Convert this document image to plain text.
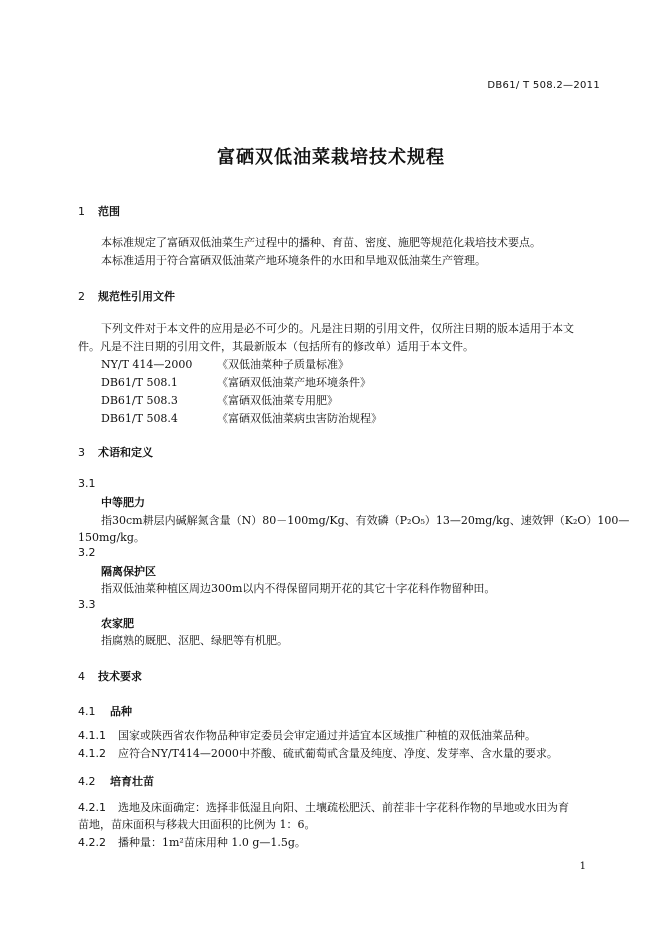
DB61/ T 508.2—2011
富硒双低油菜栽培技术规程
1 范围
本标准规定了富硒双低油菜生产过程中的播种、育苗、密度、施肥等规范化栽培技术要点。
本标准适用于符合富硒双低油菜产地环境条件的水田和旱地双低油菜生产管理。
2 规范性引用文件
下列文件对于本文件的应用是必不可少的。凡是注日期的引用文件，仅所注日期的版本适用于本文
件。凡是不注日期的引用文件，其最新版本（包括所有的修改单）适用于本文件。
NY/T 414—2000 《双低油菜种子质量标准》
DB61/T 508.1	《富硒双低油菜产地环境条件》
DB61/T 508.3	《富硒双低油菜专用肥》
DB61/T 508.4	《富硒双低油菜病虫害防治规程》
3 术语和定义
3.1
中等肥力
指30cm耕层内碱解氮含量（N）80－100mg/Kg、有效磷（P₂O₅）13—20mg/kg、速效钾（K₂O）100—
150mg/kg。
3.2
隔离保护区
指双低油菜种植区周边300m以内不得保留同期开花的其它十字花科作物留种田。
3.3
农家肥
指腐熟的厩肥、沤肥、绿肥等有机肥。
4 技术要求
4.1 品种
4.1.1 国家或陕西省农作物品种审定委员会审定通过并适宜本区域推广种植的双低油菜品种。
4.1.2 应符合NY/T414—2000中芥酸、硫甙葡萄甙含量及纯度、净度、发芽率、含水量的要求。
4.2 培育壮苗
4.2.1 选地及床面确定：选择非低湿且向阳、土壤疏松肥沃、前茬非十字花科作物的旱地或水田为育
苗地，苗床面积与移栽大田面积的比例为 1：6。
4.2.2 播种量：1m²苗床用种 1.0 g—1.5g。
1
